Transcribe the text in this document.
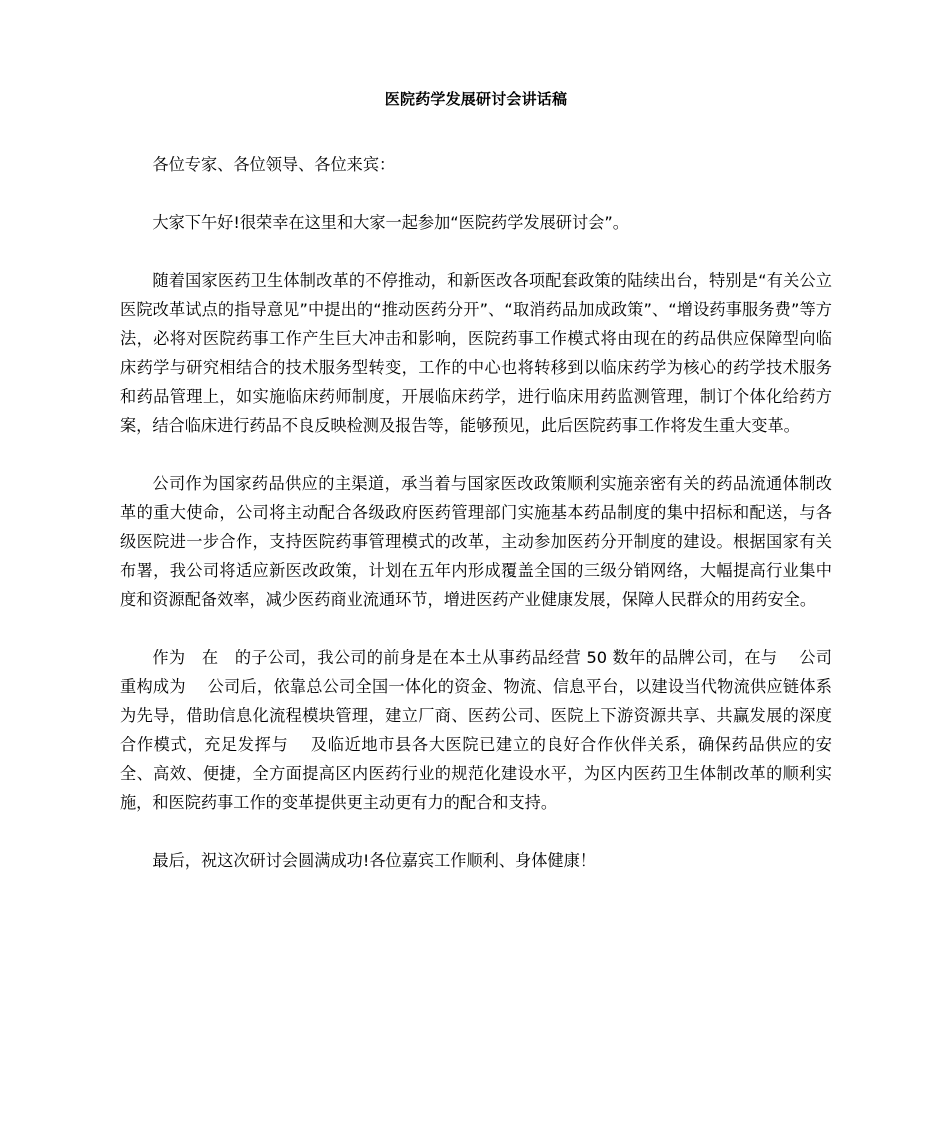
医院药学发展研讨会讲话稿

各位专家、各位领导、各位来宾：

大家下午好!很荣幸在这里和大家一起参加“医院药学发展研讨会”。

随着国家医药卫生体制改革的不停推动，和新医改各项配套政策的陆续出台，特别是“有关公立医院改革试点的指导意见”中提出的“推动医药分开”、“取消药品加成政策”、“增设药事服务费”等方法，必将对医院药事工作产生巨大冲击和影响，医院药事工作模式将由现在的药品供应保障型向临床药学与研究相结合的技术服务型转变，工作的中心也将转移到以临床药学为核心的药学技术服务和药品管理上，如实施临床药师制度，开展临床药学，进行临床用药监测管理，制订个体化给药方案，结合临床进行药品不良反映检测及报告等，能够预见，此后医院药事工作将发生重大变革。

公司作为国家药品供应的主渠道，承当着与国家医改政策顺利实施亲密有关的药品流通体制改革的重大使命，公司将主动配合各级政府医药管理部门实施基本药品制度的集中招标和配送，与各级医院进一步合作，支持医院药事管理模式的改革，主动参加医药分开制度的建设。根据国家有关布署，我公司将适应新医改政策，计划在五年内形成覆盖全国的三级分销网络，大幅提高行业集中度和资源配备效率，减少医药商业流通环节，增进医药产业健康发展，保障人民群众的用药安全。

作为　在　的子公司，我公司的前身是在本土从事药品经营 50 数年的品牌公司，在与　 公司重构成为　 公司后，依靠总公司全国一体化的资金、物流、信息平台，以建设当代物流供应链体系为先导，借助信息化流程模块管理，建立厂商、医药公司、医院上下游资源共享、共赢发展的深度合作模式，充足发挥与　 及临近地市县各大医院已建立的良好合作伙伴关系，确保药品供应的安全、高效、便捷，全方面提高区内医药行业的规范化建设水平，为区内医药卫生体制改革的顺利实施，和医院药事工作的变革提供更主动更有力的配合和支持。

最后，祝这次研讨会圆满成功!各位嘉宾工作顺利、身体健康！
